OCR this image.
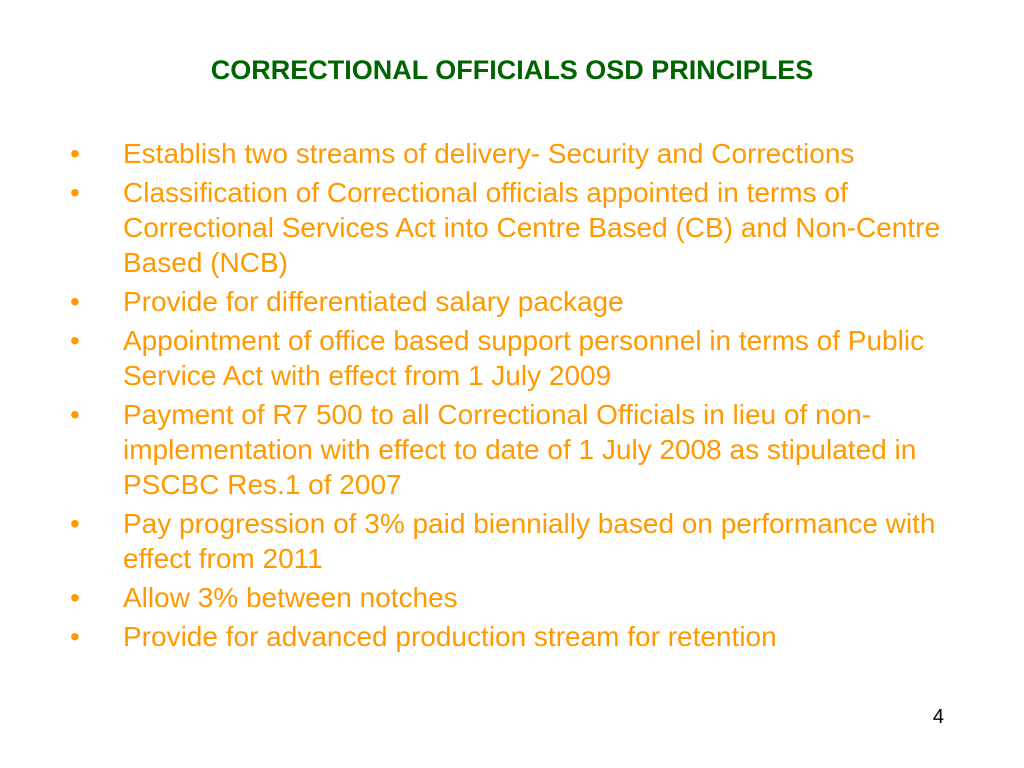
CORRECTIONAL OFFICIALS OSD PRINCIPLES
•	Establish two streams of delivery- Security and Corrections
•	Classification of Correctional officials appointed in terms of Correctional Services Act into Centre Based (CB) and Non-Centre Based (NCB)
•	Provide for differentiated salary package
•	Appointment of office based support personnel in terms of Public Service Act with effect from 1 July 2009
•	Payment of R7 500 to all Correctional Officials in lieu of non-implementation with effect to date of 1 July 2008 as stipulated in PSCBC Res.1 of 2007
•	Pay progression of 3% paid biennially based on performance with effect from 2011
•	Allow 3% between notches
•	Provide for advanced production stream for retention
4
